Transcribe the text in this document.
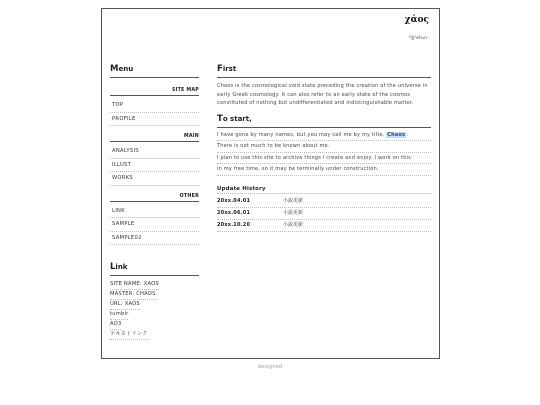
χάος
*ĝʰeh₂n-
Menu
SITE MAP
TOP
PROFILE
MAIN
ANALYSIS
ILLUST
WORKS
OTHER
LINK
SAMPLE
SAMPLE02
Link
SITE NAME: XAOS
MASTER: CHAOS
URL: XAOS
tumblr
AO3
テキストリンク
First
Chaos is the cosmological void state preceding the creation of the universe in early Greek cosmology. It can also refer to an early state of the cosmos constituted of nothing but undifferentiated and indistinguishable matter.
To start,
I have gone by many names, but you may call me by my title, Chaos.
There is not much to be known about me.
I plan to use this site to archive things I create and enjoy. I work on this
in my free time, so it may be terminally under construction.
Update History
20xx.04.01	小説更新
20xx.06.01	小説更新
20xx.10.20	小説更新
designed
